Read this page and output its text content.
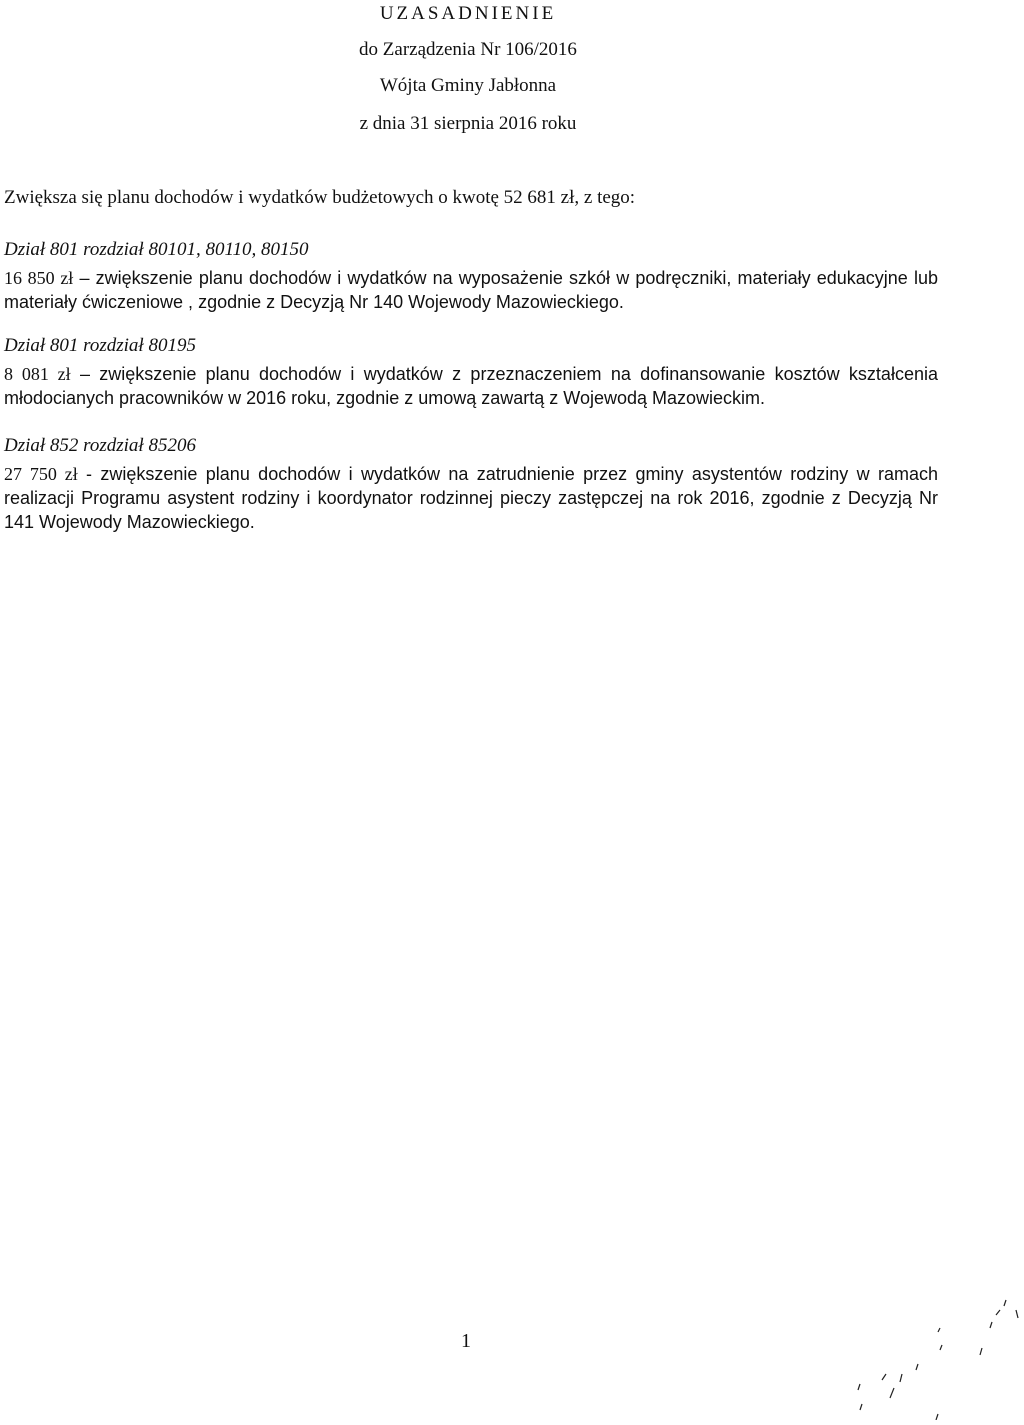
UZASADNIENIE
do Zarządzenia Nr 106/2016
Wójta Gminy Jabłonna
z dnia 31 sierpnia 2016 roku
Zwiększa się planu dochodów i wydatków budżetowych o kwotę 52 681 zł, z tego:
Dział 801 rozdział 80101, 80110, 80150
16 850 zł – zwiększenie planu dochodów i wydatków na wyposażenie szkół w podręczniki, materiały edukacyjne lub materiały ćwiczeniowe , zgodnie z Decyzją Nr 140 Wojewody Mazowieckiego.
Dział 801 rozdział 80195
8 081 zł – zwiększenie planu dochodów i wydatków z przeznaczeniem na dofinansowanie kosztów kształcenia młodocianych pracowników w 2016 roku, zgodnie z umową zawartą z Wojewodą Mazowieckim.
Dział 852 rozdział 85206
27 750 zł - zwiększenie planu dochodów i wydatków na zatrudnienie przez gminy asystentów rodziny w ramach realizacji Programu asystent rodziny i koordynator rodzinnej pieczy zastępczej na rok 2016, zgodnie z Decyzją Nr 141 Wojewody Mazowieckiego.
1
